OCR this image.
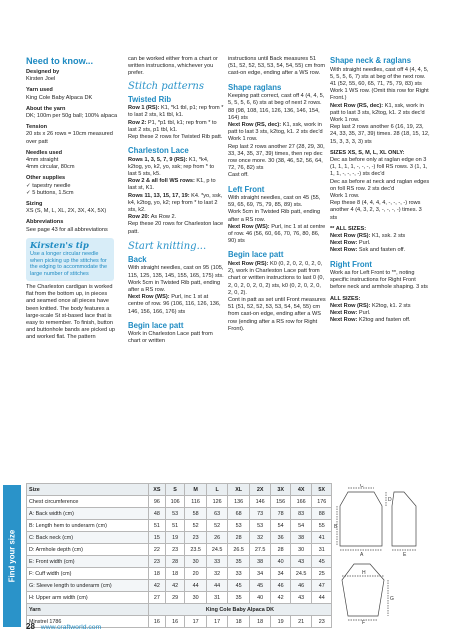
Need to know...

Designed by

Kirsten Joel

Yarn used

King Cole Baby Alpaca DK

About the yarn

DK; 100m per 50g ball; 100% alpaca

Tension

20 sts x 26 rows = 10cm measured over patt

Needles used

4mm straight

4mm circular, 80cm

Other supplies

✓ tapestry needle

✓ 5 buttons, 1.5cm

Sizing

XS (S, M, L, XL, 2X, 3X, 4X, 5X)

Abbreviations

See page 43 for all abbreviations

Kirsten's tip
Use a longer circular needle when picking up the stitches for the edging to accommodate the large number of stitches

The Charleston cardigan is worked flat from the bottom up, in pieces and seamed once all pieces have been knitted. The body features a large-scale St st-based lace that is easy to remember. To finish, button and buttonhole bands are picked up and worked flat. The pattern

can be worked either from a chart or written instructions, whichever you prefer.

Stitch patterns
Twisted Rib

Row 1 (RS): K1, *k1 tbl, p1; rep from * to last 2 sts, k1 tbl, k1.

Row 2: P1, *p1 tbl, k1; rep from * to last 2 sts, p1 tbl, k1.

Rep these 2 rows for Twisted Rib patt.

Charleston Lace

Rows 1, 3, 5, 7, 9 (RS): K1, *k4, k2tog, yo, k2, yo, ssk; rep from * to last 5 sts, k5.

Row 2 & all foll WS rows: K1, p to last st, K1.

Rows 11, 13, 15, 17, 19: K4. *yo, ssk, k4, k2tog, yo, k2; rep from * to last 2 sts, k2.

Row 20: As Row 2.

Rep these 20 rows for Charleston lace patt.

Start knitting...
Back

With straight needles, cast on 95 (105, 115, 125, 135, 145, 155, 165, 175) sts.

Work 5cm in Twisted Rib patt, ending after a RS row.

Next Row (WS): Purl, inc 1 st at centre of row. 96 (106, 116, 126, 136, 146, 156, 166, 176) sts

Begin lace patt

Work in Charleston Lace patt from chart or written

instructions until Back measures 51 (51, 52, 52, 53, 53, 54, 54, 55) cm from cast-on edge, ending after a WS row.

Shape raglans

Keeping patt correct, cast off 4 (4, 4, 5, 5, 5, 5, 6, 6) sts at beg of next 2 rows. 88 (98, 108, 116, 126, 136, 146, 154, 164) sts

Next Row (RS, dec): K1, ssk, work in patt to last 3 sts, k2tog, k1. 2 sts dec'd

Work 1 row.

Rep last 2 rows another 27 (28, 29, 30, 33, 34, 35, 37, 39) times, then rep dec row once more. 30 (38, 46, 52, 56, 64, 72, 76, 82) sts

Cast off.

Left Front

With straight needles, cast on 45 (55, 59, 65, 69, 75, 79, 85, 89) sts.

Work 5cm in Twisted Rib patt, ending after a RS row.

Next Row (WS): Purl, inc 1 st at centre of row. 46 (56, 60, 66, 70, 76, 80, 86, 90) sts

Begin lace patt

Next Row (RS): K0 (0, 2, 0, 2, 0, 2, 0, 2), work in Charleston Lace patt from chart or written instructions to last 0 (0, 2, 0, 2, 0, 2, 0, 2) sts, k0 (0, 2, 0, 2, 0, 2, 0, 2).

Cont in patt as set until Front measures 51 (51, 52, 52, 53, 53, 54, 54, 55) cm from cast-on edge, ending after a WS row (ending after a RS row for Right Front).

Shape neck & raglans

With straight needles, cast off 4 (4, 4, 5, 5, 5, 5, 6, 7) sts at beg of the next row. 41 (52, 55, 60, 65, 71, 75, 79, 83) sts

Work 1 WS row. (Omit this row for Right Front.)

Next Row (RS, dec): K1, ssk, work in patt to last 3 sts, k2tog, k1. 2 sts dec'd

Work 1 row.

Rep last 2 rows another 6 (16, 19, 23, 24, 33, 35, 37, 39) times. 28 (18, 15, 12, 15, 3, 3, 3, 3) sts

SIZES XS, S, M, L, XL ONLY:

Dec as before only at raglan edge on 3 (1, 1, 1, 1, -, -, -, -) foll RS rows. 3 (1, 1, 1, 1, -, -, -, -) sts dec'd

Dec as before at neck and raglan edges on foll RS row. 2 sts dec'd

Work 1 row.

Rep these 8 (4, 4, 4, 4, -, -, -, -) rows another 4 (4, 3, 2, 3, -, -, -, -) times. 3 sts

** ALL SIZES:

Next Row (RS): K1, ssk. 2 sts

Next Row: Purl.

Next Row: Ssk and fasten off.

Right Front

Work as for Left Front to **, noting specific instructions for Right Front before neck and armhole shaping. 3 sts

ALL SIZES:

Next Row (RS): K2tog, k1. 2 sts

Next Row: Purl.

Next Row: K2tog and fasten off.

Find your size
Size	XS	S	M	L	XL	2X	3X	4X	5X
Chest circumference	96	106	116	126	136	146	156	166	176
A: Back width (cm)	48	53	58	63	68	73	78	83	88
B: Length hem to underarm (cm)	51	51	52	52	53	53	54	54	55
C: Back neck (cm)	15	19	23	26	28	32	36	38	41
D: Armhole depth (cm)	22	23	23.5	24.5	26.5	27.5	28	30	31
E: Front width (cm)	23	28	30	33	35	38	40	43	45
F: Cuff width (cm)	18	18	20	32	33	34	34	24.5	25
G: Sleeve length to underarm (cm)	42	42	44	44	45	45	46	46	47
H: Upper arm width (cm)	27	29	30	31	35	40	42	43	44
Yarn	King Cole Baby Alpaca DK								
Minstrel 1786	16	16	17	17	18	18	19	21	23
A
B
C
D
E
F
G
H
28 www.craftworld.com
